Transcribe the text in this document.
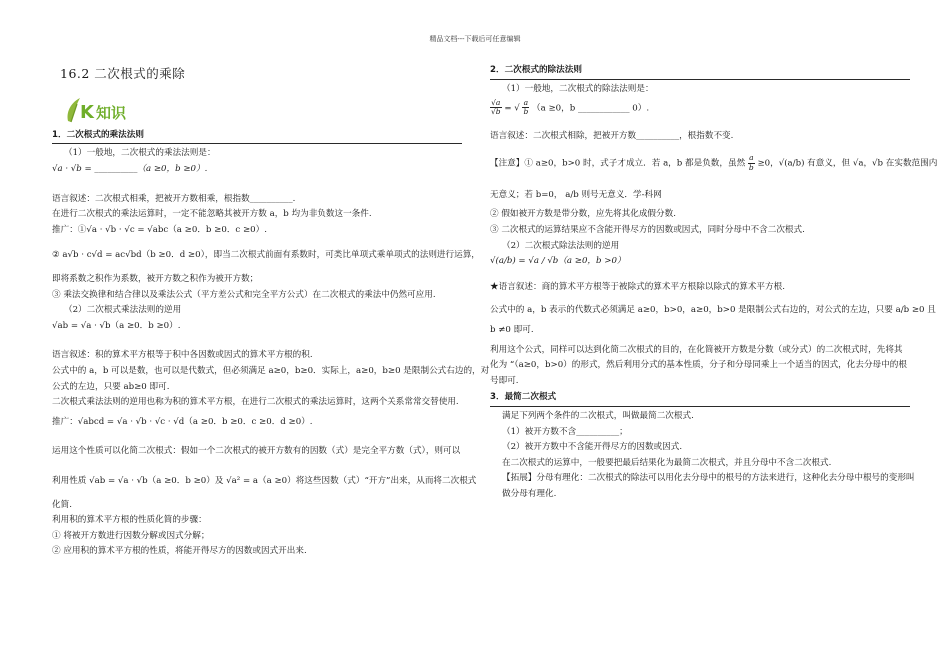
精品文档---下载后可任意编辑
16.2 二次根式的乘除
K 知识
1．二次根式的乘法法则

（1）一般地，二次根式的乘法法则是：

√a · √b = __________（a ≥0，b ≥0）.

语言叙述：二次根式相乘，把被开方数相乘，根指数__________.

在进行二次根式的乘法运算时，一定不能忽略其被开方数 a，b 均为非负数这一条件.

推广：①√a · √b · √c = √abc（a ≥0．b ≥0．c ≥0）.

② a√b · c√d = ac√bd（b ≥0．d ≥0），即当二次根式前面有系数时，可类比单项式乘单项式的法则进行运算，

即将系数之积作为系数，被开方数之积作为被开方数；

③ 乘法交换律和结合律以及乘法公式（平方差公式和完全平方公式）在二次根式的乘法中仍然可应用.

（2）二次根式乘法法则的逆用

√ab = √a · √b（a ≥0．b ≥0）.

语言叙述：积的算术平方根等于积中各因数或因式的算术平方根的积.

公式中的 a，b 可以是数，也可以是代数式，但必须满足 a≥0，b≥0．实际上，a≥0，b≥0 是限制公式右边的，对

公式的左边，只要 ab≥0 即可.

二次根式乘法法则的逆用也称为积的算术平方根，在进行二次根式的乘法运算时，这两个关系常常交替使用.

推广：√abcd = √a · √b · √c · √d（a ≥0．b ≥0．c ≥0．d ≥0）.

运用这个性质可以化简二次根式：假如一个二次根式的被开方数有的因数（式）是完全平方数（式），则可以

利用性质 √ab = √a · √b（a ≥0．b ≥0）及 √a² = a（a ≥0）将这些因数（式）“开方”出来，从而将二次根式

化简.

利用积的算术平方根的性质化简的步骤：

① 将被开方数进行因数分解或因式分解；

② 应用积的算术平方根的性质，将能开得尽方的因数或因式开出来.

2．二次根式的除法法则

（1）一般地，二次根式的除法法则是：

$\frac{√a}{√b}$ = √ $\frac{a}{b} (a \ge 0$，b ____________ 0）.

语言叙述：二次根式相除，把被开方数__________，根指数不变.

【注意】① a≥0，b>0 时，式子才成立．若 a，b 都是负数，虽然 $\frac{a}{b} \ge 0$，√(a/b) 有意义，但 √a，√b 在实数范围内

无意义；若 b=0， a/b 则号无意义．学-科网

② 假如被开方数是带分数，应先将其化成假分数.

③ 二次根式的运算结果应不含能开得尽方的因数或因式，同时分母中不含二次根式.

（2）二次根式除法法则的逆用

√(a/b) = √a / √b（a ≥0，b >0）

★语言叙述：商的算术平方根等于被除式的算术平方根除以除式的算术平方根.

公式中的 a，b 表示的代数式必须满足 a≥0，b>0，a≥0，b>0 是限制公式右边的，对公式的左边，只要 a/b ≥0 且

b ≠0 即可.

利用这个公式，同样可以达到化简二次根式的目的，在化简被开方数是分数（或分式）的二次根式时，先将其

化为 “（a≥0，b>0）的形式，然后利用分式的基本性质，分子和分母同乘上一个适当的因式，化去分母中的根

号即可.

3．最简二次根式

满足下列两个条件的二次根式，叫做最简二次根式.

（1）被开方数不含__________；

（2）被开方数中不含能开得尽方的因数或因式.

在二次根式的运算中，一般要把最后结果化为最简二次根式，并且分母中不含二次根式.

【拓展】分母有理化：二次根式的除法可以用化去分母中的根号的方法来进行，这种化去分母中根号的变形叫

做分母有理化.
